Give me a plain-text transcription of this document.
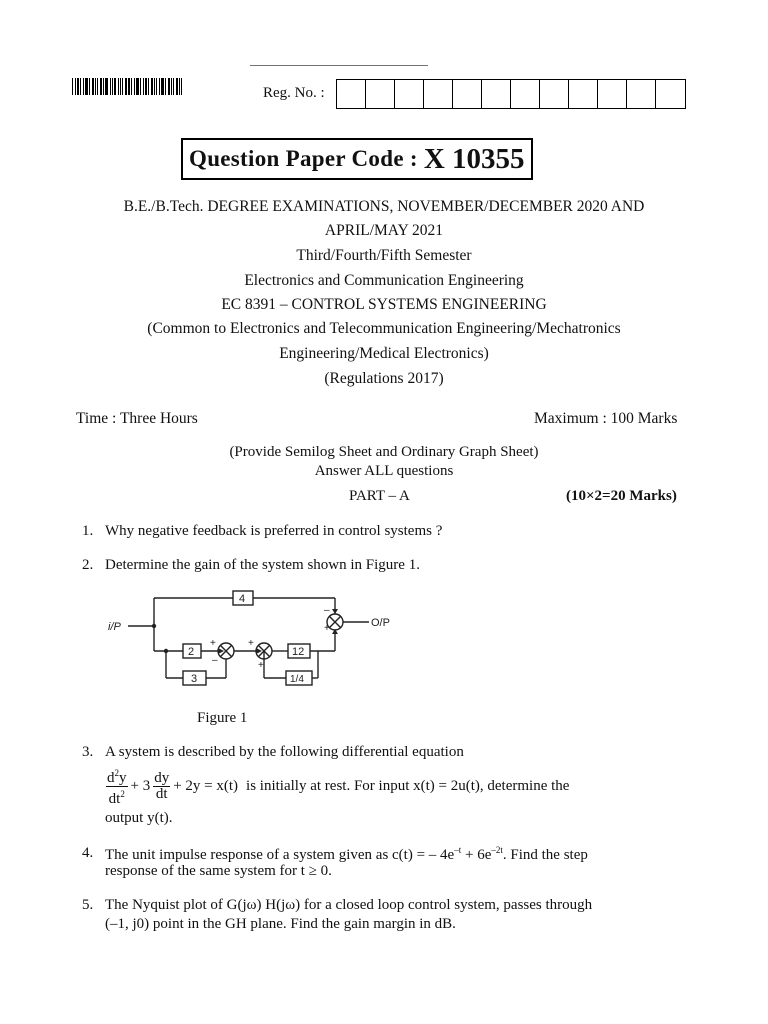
Reg. No. :
Question Paper Code : X 10355
B.E./B.Tech. DEGREE EXAMINATIONS, NOVEMBER/DECEMBER 2020 AND
APRIL/MAY 2021
Third/Fourth/Fifth Semester
Electronics and Communication Engineering
EC 8391 – CONTROL SYSTEMS ENGINEERING
(Common to Electronics and Telecommunication Engineering/Mechatronics
Engineering/Medical Electronics)
(Regulations 2017)
Time : Three Hours	Maximum : 100 Marks
(Provide Semilog Sheet and Ordinary Graph Sheet)
Answer ALL questions
PART – A	(10×2=20 Marks)
1. Why negative feedback is preferred in control systems ?
2. Determine the gain of the system shown in Figure 1.
i/P	O/P
4
2	12
3	1/4
+
–
+
+
–
+
Figure 1
3. A system is described by the following differential equation
$d^2y$
$dt^2 + 3$ dy
dt + 2y = x(t) is initially at rest. For input x(t) = 2u(t), determine the
output y(t).
4. The unit impulse response of a system given as c(t) = – $4e^{-t} + 6e^{-2t}$. Find the step
response of the same system for t ≥ 0.
5. The Nyquist plot of G(jω) H(jω) for a closed loop control system, passes through
(–1, j0) point in the GH plane. Find the gain margin in dB.
